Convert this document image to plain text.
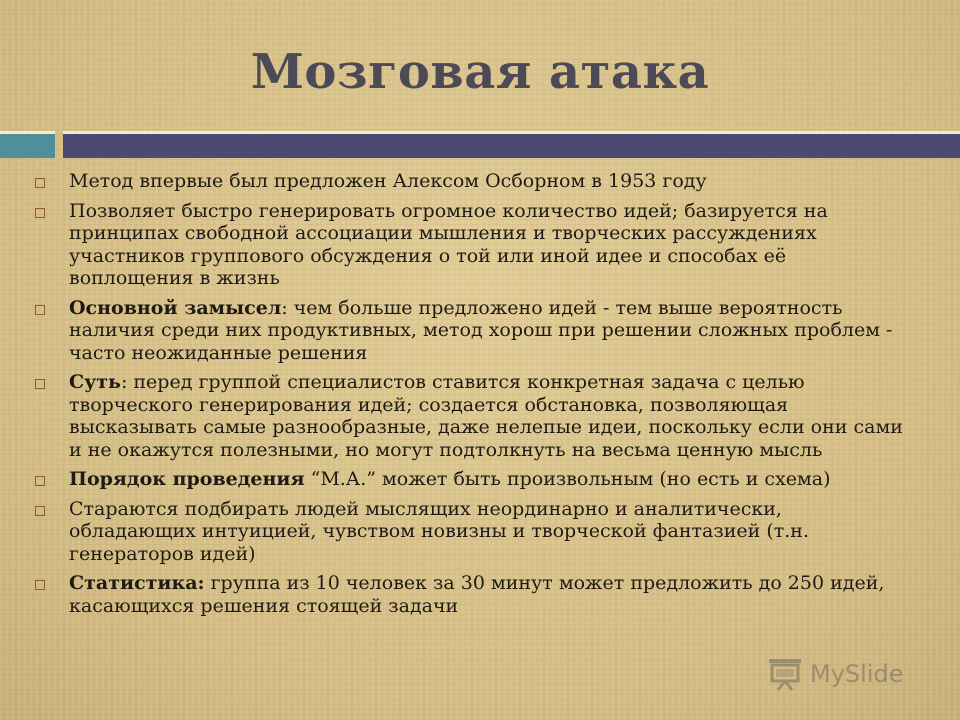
Мозговая атака
Метод впервые был предложен Алексом Осборном в 1953 году
Позволяет быстро генерировать огромное количество идей; базируется на принципах свободной ассоциации мышления и творческих рассуждениях участников группового обсуждения о той или иной идее и способах её воплощения в жизнь
Основной замысел: чем больше предложено идей - тем выше вероятность наличия среди них продуктивных, метод хорош при решении сложных проблем - часто неожиданные решения
Суть: перед группой специалистов ставится конкретная задача с целью творческого генерирования идей; создается обстановка, позволяющая высказывать самые разнообразные, даже нелепые идеи, поскольку если они сами и не окажутся полезными, но могут подтолкнуть на весьма ценную мысль
Порядок проведения “М.А.” может быть произвольным (но есть и схема)
Стараются подбирать людей мыслящих неординарно и аналитически, обладающих интуицией, чувством новизны и творческой фантазией (т.н. генераторов идей)
Статистика: группа из 10 человек за 30 минут может предложить до 250 идей, касающихся решения стоящей задачи
MySlide
